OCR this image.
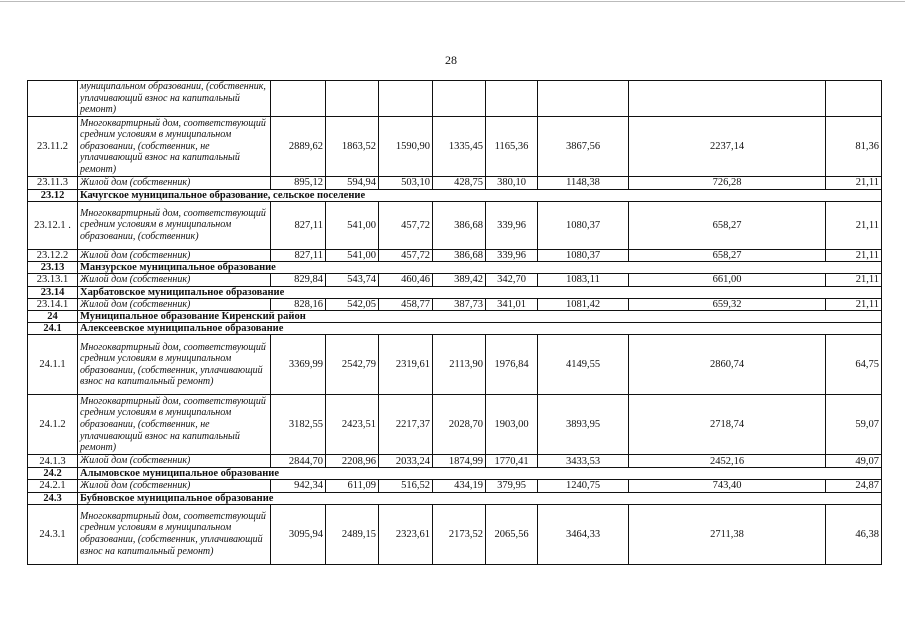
28
	муниципальном образовании, (собственник, уплачивающий взнос на капитальный ремонт)								
23.11.2	Многоквартирный дом, соответствующий средним условиям в муниципальном образовании, (собственник, не уплачивающий взнос на капитальный ремонт)	2889,62	1863,52	1590,90	1335,45	1165,36	3867,56	2237,14	81,36
23.11.3	Жилой дом (собственник)	895,12	594,94	503,10	428,75	380,10	1148,38	726,28	21,11
23.12	Качугское муниципальное образование, сельское поселение								
23.12.1 .	Многоквартирный дом, соответствующий средним условиям в муниципальном образовании, (собственник)	827,11	541,00	457,72	386,68	339,96	1080,37	658,27	21,11
23.12.2	Жилой дом (собственник)	827,11	541,00	457,72	386,68	339,96	1080,37	658,27	21,11
23.13	Манзурское муниципальное образование								
23.13.1	Жилой дом (собственник)	829,84	543,74	460,46	389,42	342,70	1083,11	661,00	21,11
23.14	Харбатовское муниципальное образование								
23.14.1	Жилой дом (собственник)	828,16	542,05	458,77	387,73	341,01	1081,42	659,32	21,11
24	Муниципальное образование Киренский район								
24.1	Алексеевское муниципальное образование								
24.1.1	Многоквартирный дом, соответствующий средним условиям в муниципальном образовании, (собственник, уплачивающий взнос на капитальный ремонт)	3369,99	2542,79	2319,61	2113,90	1976,84	4149,55	2860,74	64,75
24.1.2	Многоквартирный дом, соответствующий средним условиям в муниципальном образовании, (собственник, не уплачивающий взнос на капитальный ремонт)	3182,55	2423,51	2217,37	2028,70	1903,00	3893,95	2718,74	59,07
24.1.3	Жилой дом (собственник)	2844,70	2208,96	2033,24	1874,99	1770,41	3433,53	2452,16	49,07
24.2	Алымовское муниципальное образование								
24.2.1	Жилой дом (собственник)	942,34	611,09	516,52	434,19	379,95	1240,75	743,40	24,87
24.3	Бубновское муниципальное образование								
24.3.1	Многоквартирный дом, соответствующий средним условиям в муниципальном образовании, (собственник, уплачивающий взнос на капитальный ремонт)	3095,94	2489,15	2323,61	2173,52	2065,56	3464,33	2711,38	46,38
